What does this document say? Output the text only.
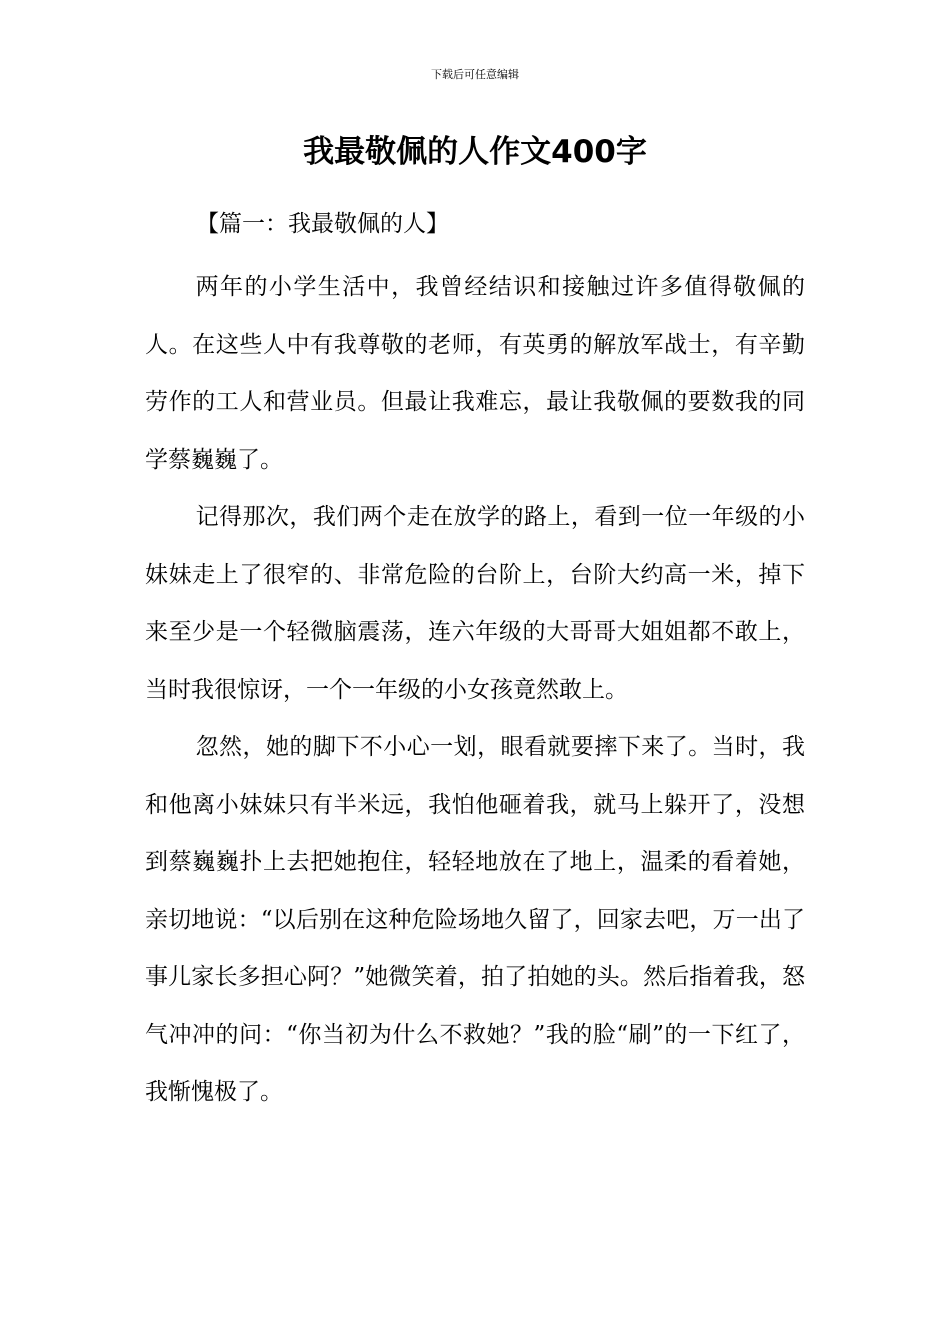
下载后可任意编辑
我最敬佩的人作文400字
【篇一：我最敬佩的人】

两年的小学生活中，我曾经结识和接触过许多值得敬佩的人。在这些人中有我尊敬的老师，有英勇的解放军战士，有辛勤劳作的工人和营业员。但最让我难忘，最让我敬佩的要数我的同学蔡巍巍了。

记得那次，我们两个走在放学的路上，看到一位一年级的小妹妹走上了很窄的、非常危险的台阶上，台阶大约高一米，掉下来至少是一个轻微脑震荡，连六年级的大哥哥大姐姐都不敢上，当时我很惊讶，一个一年级的小女孩竟然敢上。

忽然，她的脚下不小心一划，眼看就要摔下来了。当时，我和他离小妹妹只有半米远，我怕他砸着我，就马上躲开了，没想到蔡巍巍扑上去把她抱住，轻轻地放在了地上，温柔的看着她，亲切地说：“以后别在这种危险场地久留了，回家去吧，万一出了事儿家长多担心阿？”她微笑着，拍了拍她的头。然后指着我，怒气冲冲的问：“你当初为什么不救她？”我的脸“刷”的一下红了，我惭愧极了。
